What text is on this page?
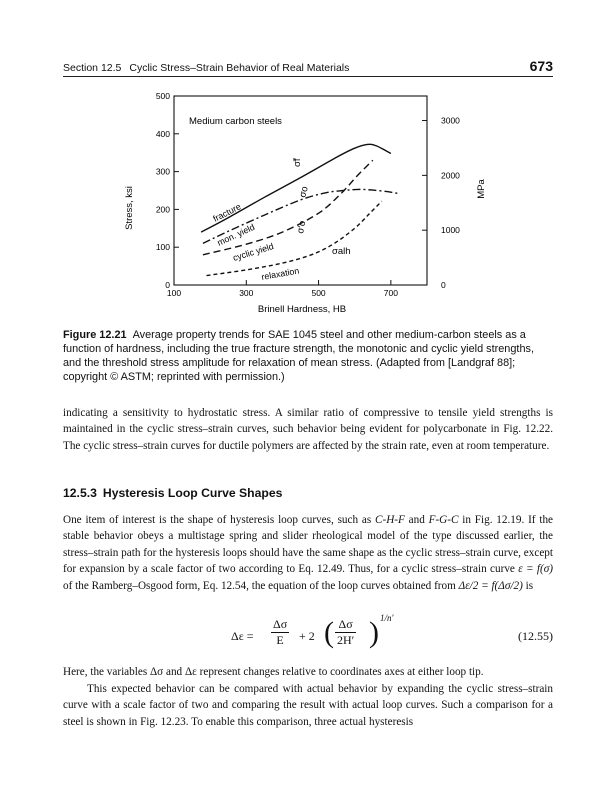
Section 12.5 Cyclic Stress–Strain Behavior of Real Materials	673
0
100
200
300
400
500
100	300	500	700
0
1000
2000
3000
fracture
mon. yield
cyclic yield
relaxation
σ̃f
σo
σ′o
σalh
Medium carbon steels
Brinell Hardness, HB
Stress, ksi	MPa
Figure 12.21 Average property trends for SAE 1045 steel and other medium-carbon steels as a function of hardness, including the true fracture strength, the monotonic and cyclic yield strengths, and the threshold stress amplitude for relaxation of mean stress. (Adapted from [Landgraf 88]; copyright © ASTM; reprinted with permission.)
indicating a sensitivity to hydrostatic stress. A similar ratio of compressive to tensile yield strengths is maintained in the cyclic stress–strain curves, such behavior being evident for polycarbonate in Fig. 12.22. The cyclic stress–strain curves for ductile polymers are affected by the strain rate, even at room temperature.
12.5.3 Hysteresis Loop Curve Shapes
One item of interest is the shape of hysteresis loop curves, such as C-H-F and F-G-C in Fig. 12.19. If the stable behavior obeys a multistage spring and slider rheological model of the type discussed earlier, the stress–strain path for the hysteresis loops should have the same shape as the cyclic stress–strain curve, except for expansion by a scale factor of two according to Eq. 12.49. Thus, for a cyclic stress–strain curve ε = f(σ) of the Ramberg–Osgood form, Eq. 12.54, the equation of the loop curves obtained from Δε/2 = f(Δσ/2) is
Δε =
Δσ
E	+ 2 ( Δσ
2H′ ) 1/n′
(12.55)
Here, the variables Δσ and Δε represent changes relative to coordinates axes at either loop tip.
This expected behavior can be compared with actual behavior by expanding the cyclic stress–strain curve with a scale factor of two and comparing the result with actual loop curves. Such a comparison for a steel is shown in Fig. 12.23. To enable this comparison, three actual hysteresis
